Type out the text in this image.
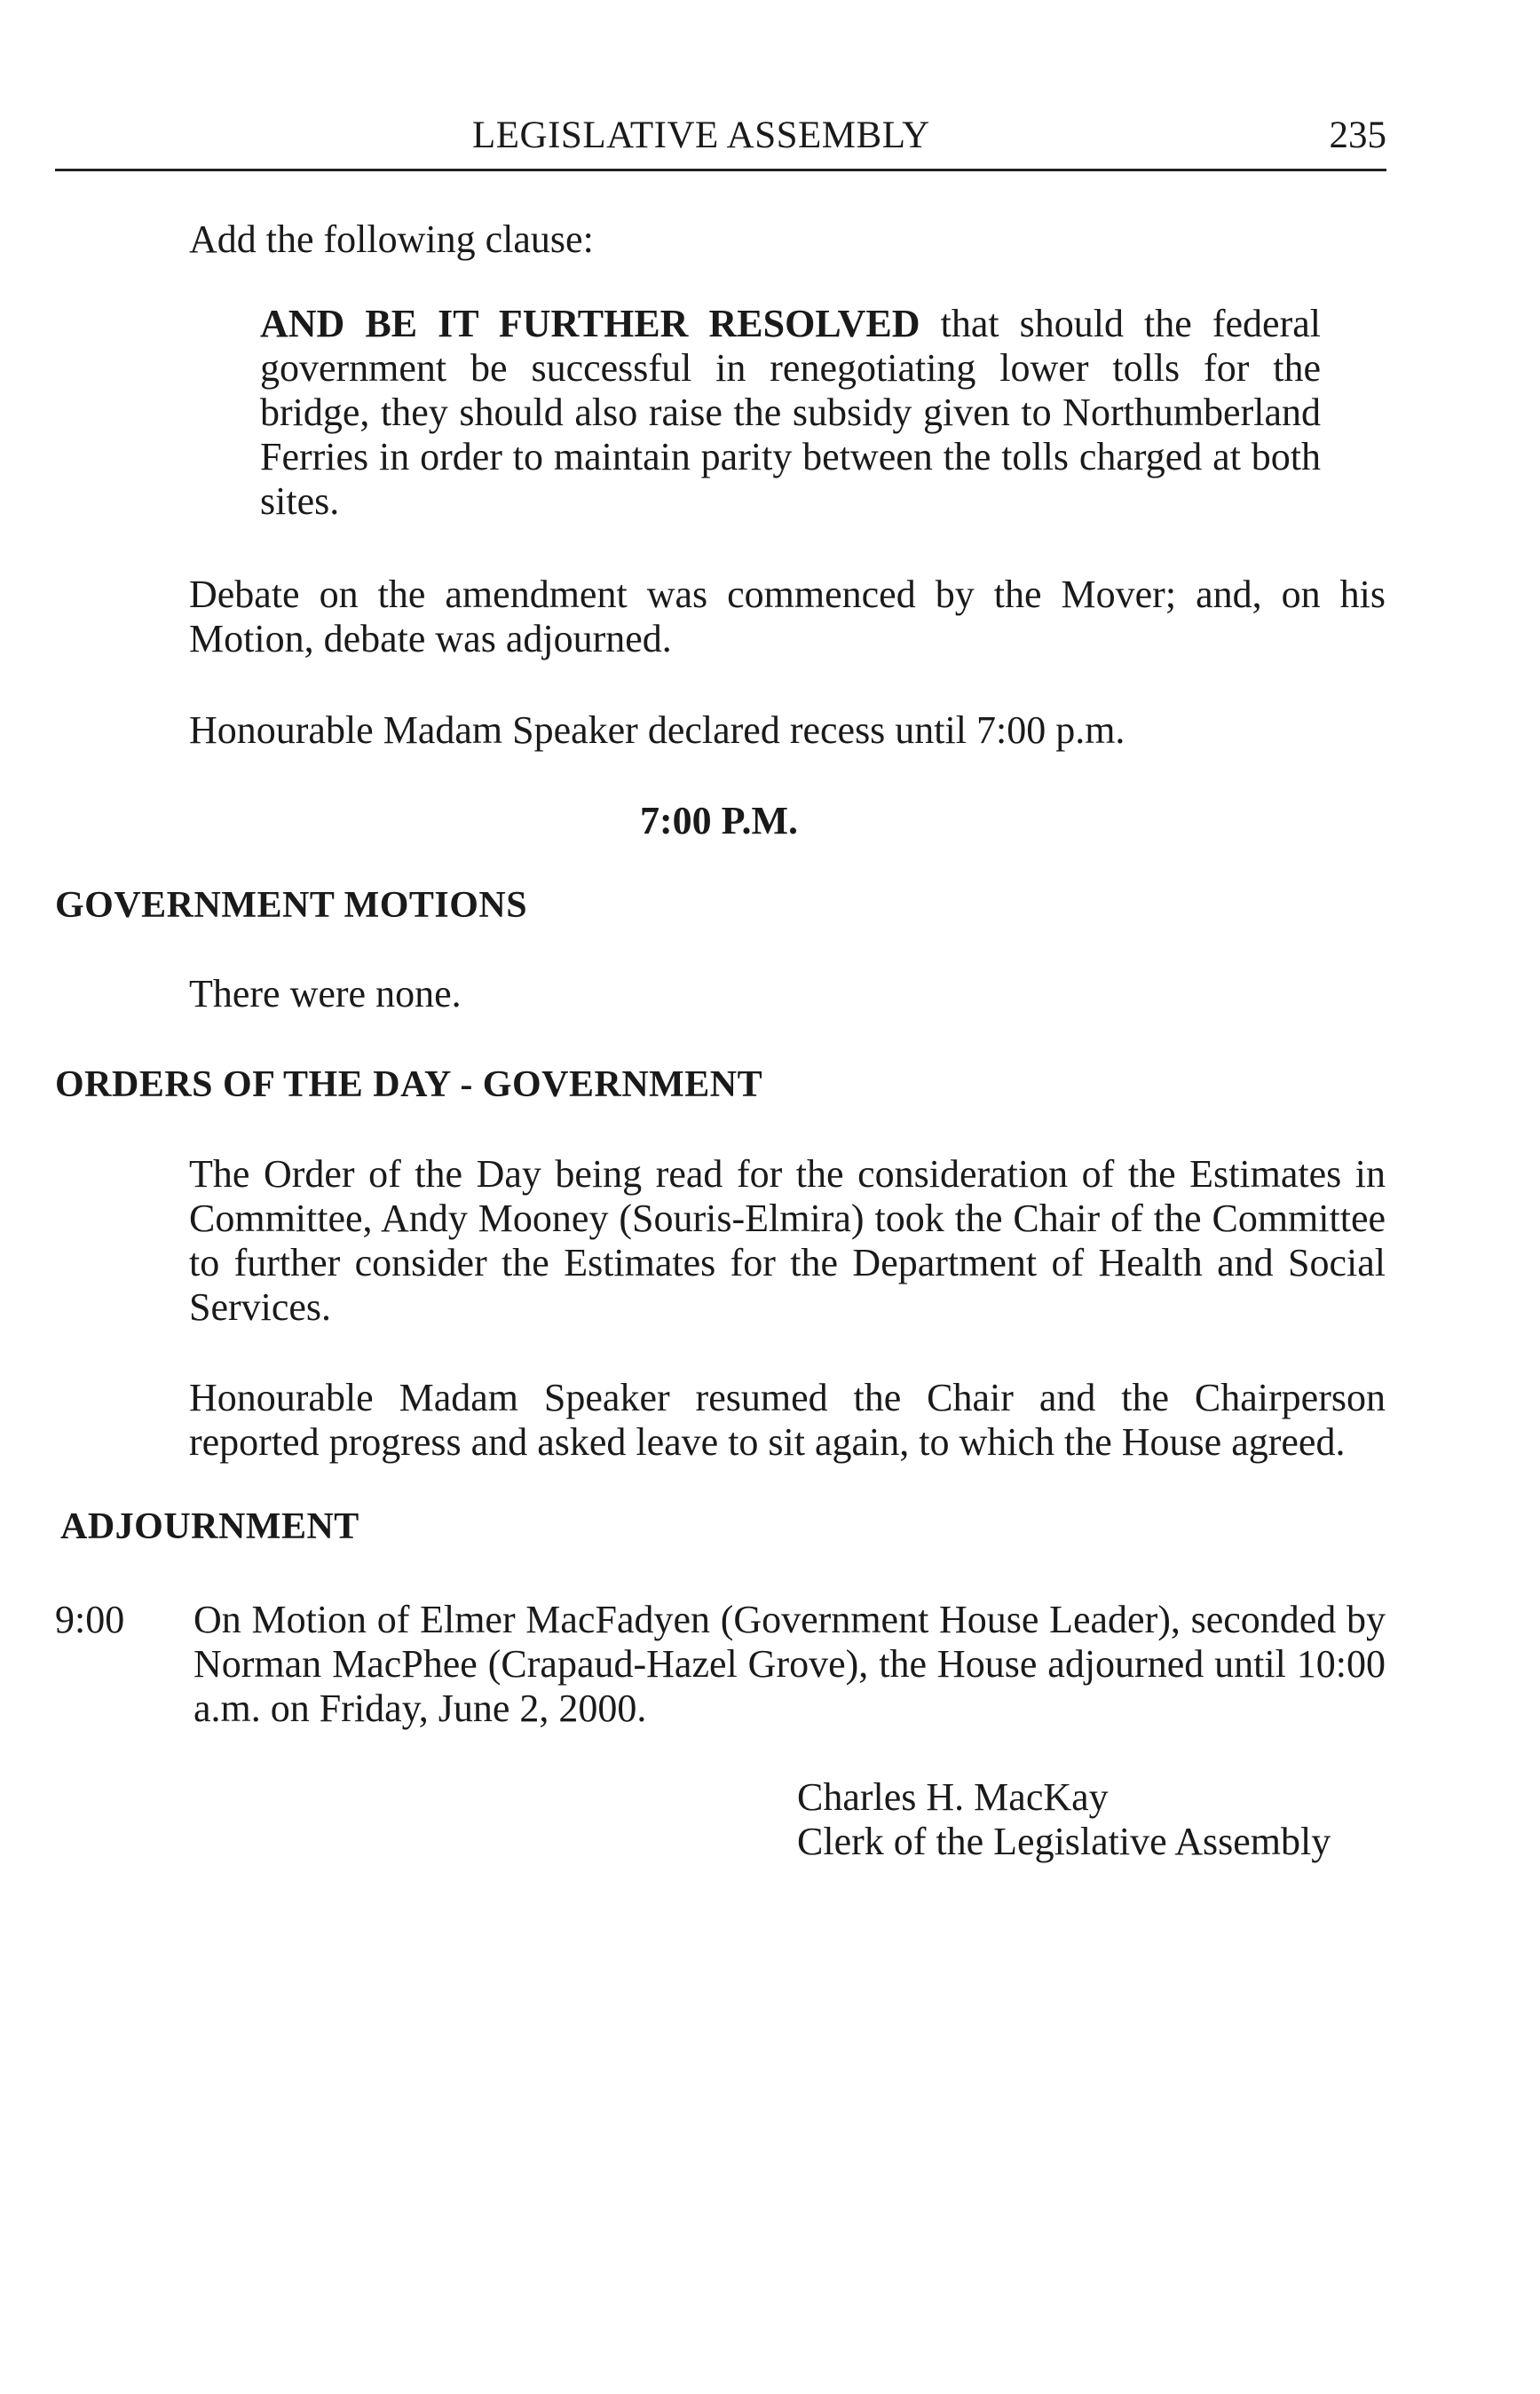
LEGISLATIVE ASSEMBLY	235
Add the following clause:
AND BE IT FURTHER RESOLVED that should the federal government be successful in renegotiating lower tolls for the bridge, they should also raise the subsidy given to Northumberland Ferries in order to maintain parity between the tolls charged at both sites.
Debate on the amendment was commenced by the Mover; and, on his Motion, debate was adjourned.
Honourable Madam Speaker declared recess until 7:00 p.m.
7:00 P.M.
GOVERNMENT MOTIONS
There were none.
ORDERS OF THE DAY - GOVERNMENT
The Order of the Day being read for the consideration of the Estimates in Committee, Andy Mooney (Souris-Elmira) took the Chair of the Committee to further consider the Estimates for the Department of Health and Social Services.
Honourable Madam Speaker resumed the Chair and the Chairperson reported progress and asked leave to sit again, to which the House agreed.
ADJOURNMENT
9:00	On Motion of Elmer MacFadyen (Government House Leader), seconded by Norman MacPhee (Crapaud-Hazel Grove), the House adjourned until 10:00 a.m. on Friday, June 2, 2000.
Charles H. MacKay
Clerk of the Legislative Assembly
